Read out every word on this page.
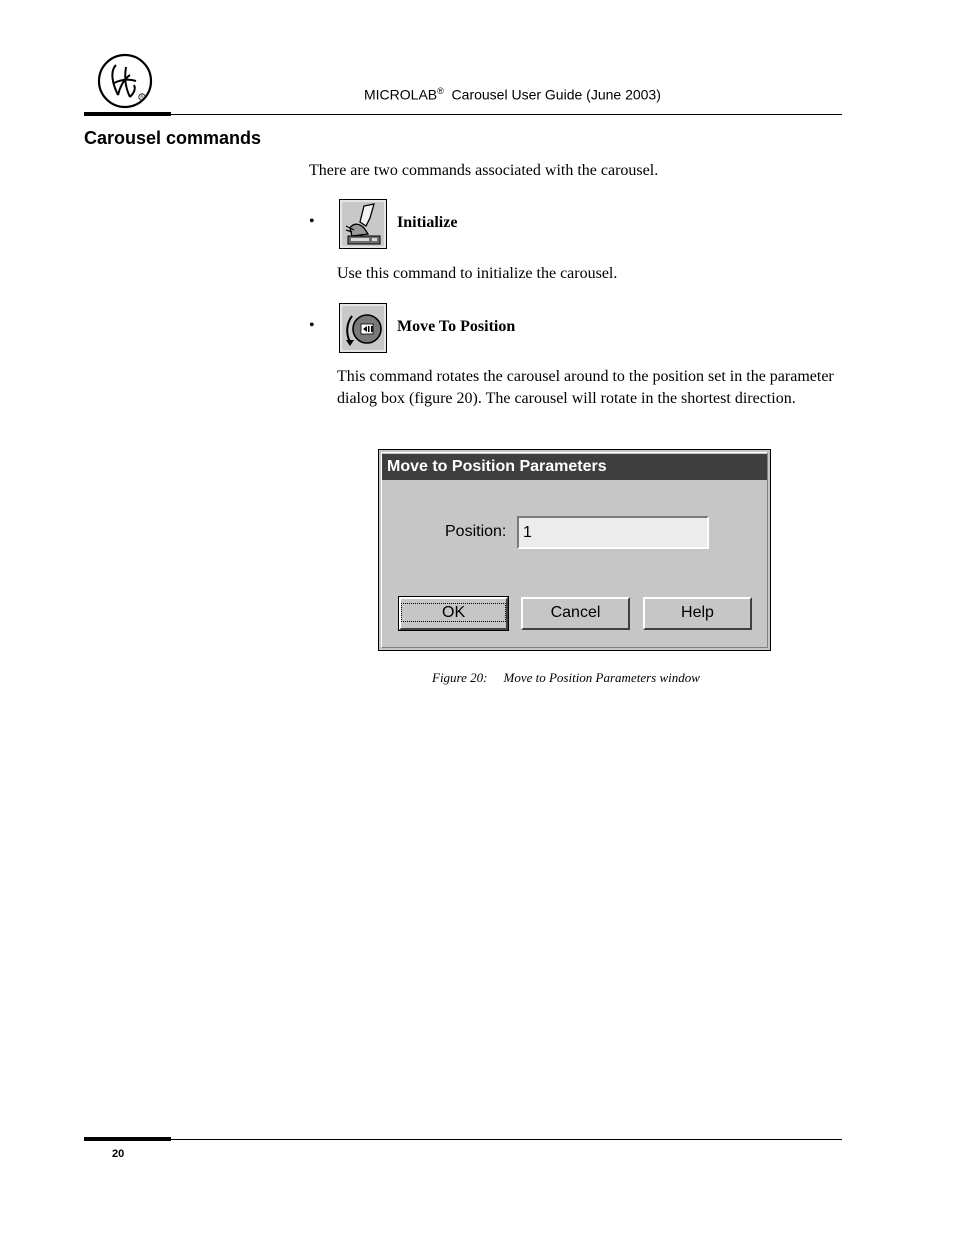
R	MICROLAB® Carousel User Guide (June 2003)
Carousel commands
There are two commands associated with the carousel.
•	Initialize
Use this command to initialize the carousel.
•	Move To Position
This command rotates the carousel around to the position set in the parameter dialog box (figure 20). The carousel will rotate in the shortest direction.
Move to Position Parameters
Position:
1
OK	Cancel	Help
Figure 20: Move to Position Parameters window
20
